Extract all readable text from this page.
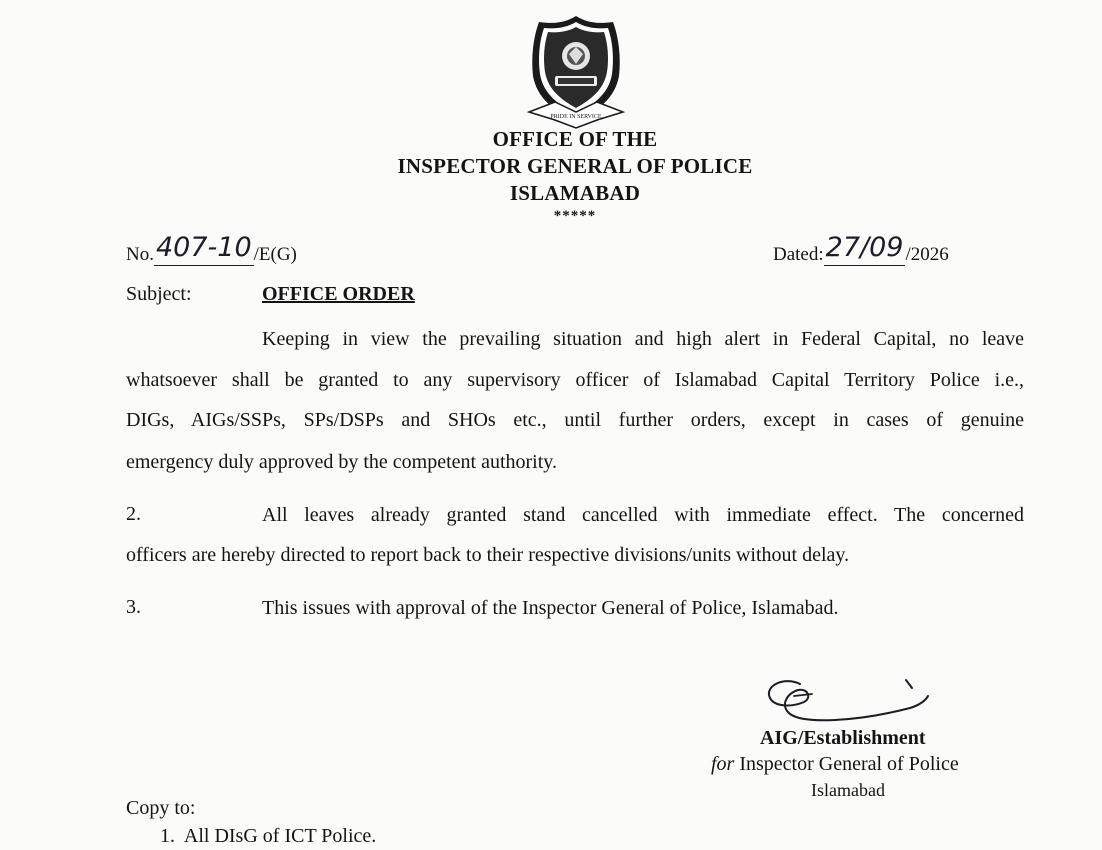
PRIDE IN SERVICE
OFFICE OF THE
INSPECTOR GENERAL OF POLICE
ISLAMABAD
*****
No.407-10 /E(G)	Dated:27/09 /2026
Subject:	OFFICE ORDER
Keeping in view the prevailing situation and high alert in Federal Capital, no leave
whatsoever shall be granted to any supervisory officer of Islamabad Capital Territory Police i.e.,
DIGs, AIGs/SSPs, SPs/DSPs and SHOs etc., until further orders, except in cases of genuine
emergency duly approved by the competent authority.
2.	All leaves already granted stand cancelled with immediate effect. The concerned
officers are hereby directed to report back to their respective divisions/units without delay.
3.	This issues with approval of the Inspector General of Police, Islamabad.
AIG/Establishment
for Inspector General of Police
Islamabad
Copy to:
1.  All DIsG of ICT Police.
